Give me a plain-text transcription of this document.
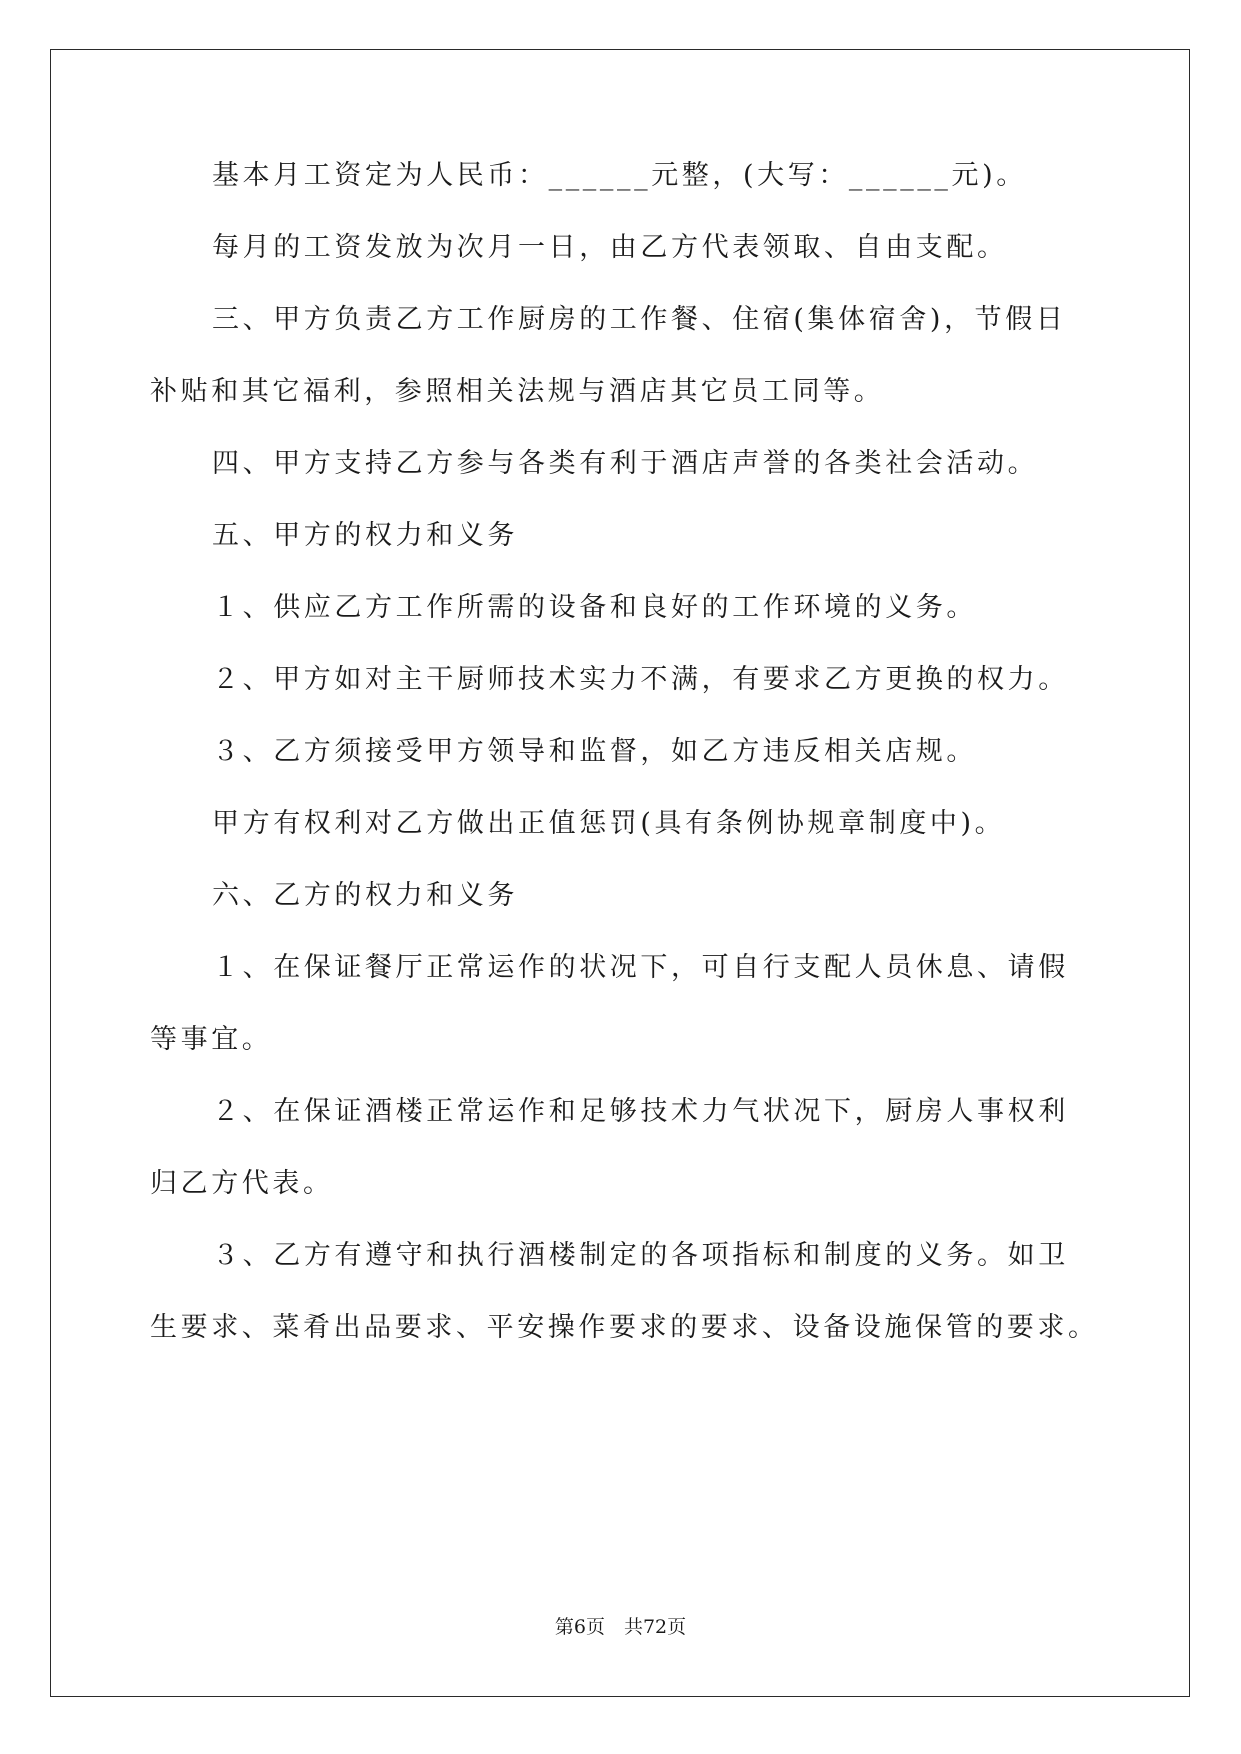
基本月工资定为人民币：______元整，(大写：______元)。
每月的工资发放为次月一日，由乙方代表领取、自由支配。
三、甲方负责乙方工作厨房的工作餐、住宿(集体宿舍)，节假日
补贴和其它福利，参照相关法规与酒店其它员工同等。
四、甲方支持乙方参与各类有利于酒店声誉的各类社会活动。
五、甲方的权力和义务
１、供应乙方工作所需的设备和良好的工作环境的义务。
２、甲方如对主干厨师技术实力不满，有要求乙方更换的权力。
３、乙方须接受甲方领导和监督，如乙方违反相关店规。
甲方有权利对乙方做出正值惩罚(具有条例协规章制度中)。
六、乙方的权力和义务
１、在保证餐厅正常运作的状况下，可自行支配人员休息、请假
等事宜。
２、在保证酒楼正常运作和足够技术力气状况下，厨房人事权利
归乙方代表。
３、乙方有遵守和执行酒楼制定的各项指标和制度的义务。如卫
生要求、菜肴出品要求、平安操作要求的要求、设备设施保管的要求。
第6页　共72页
